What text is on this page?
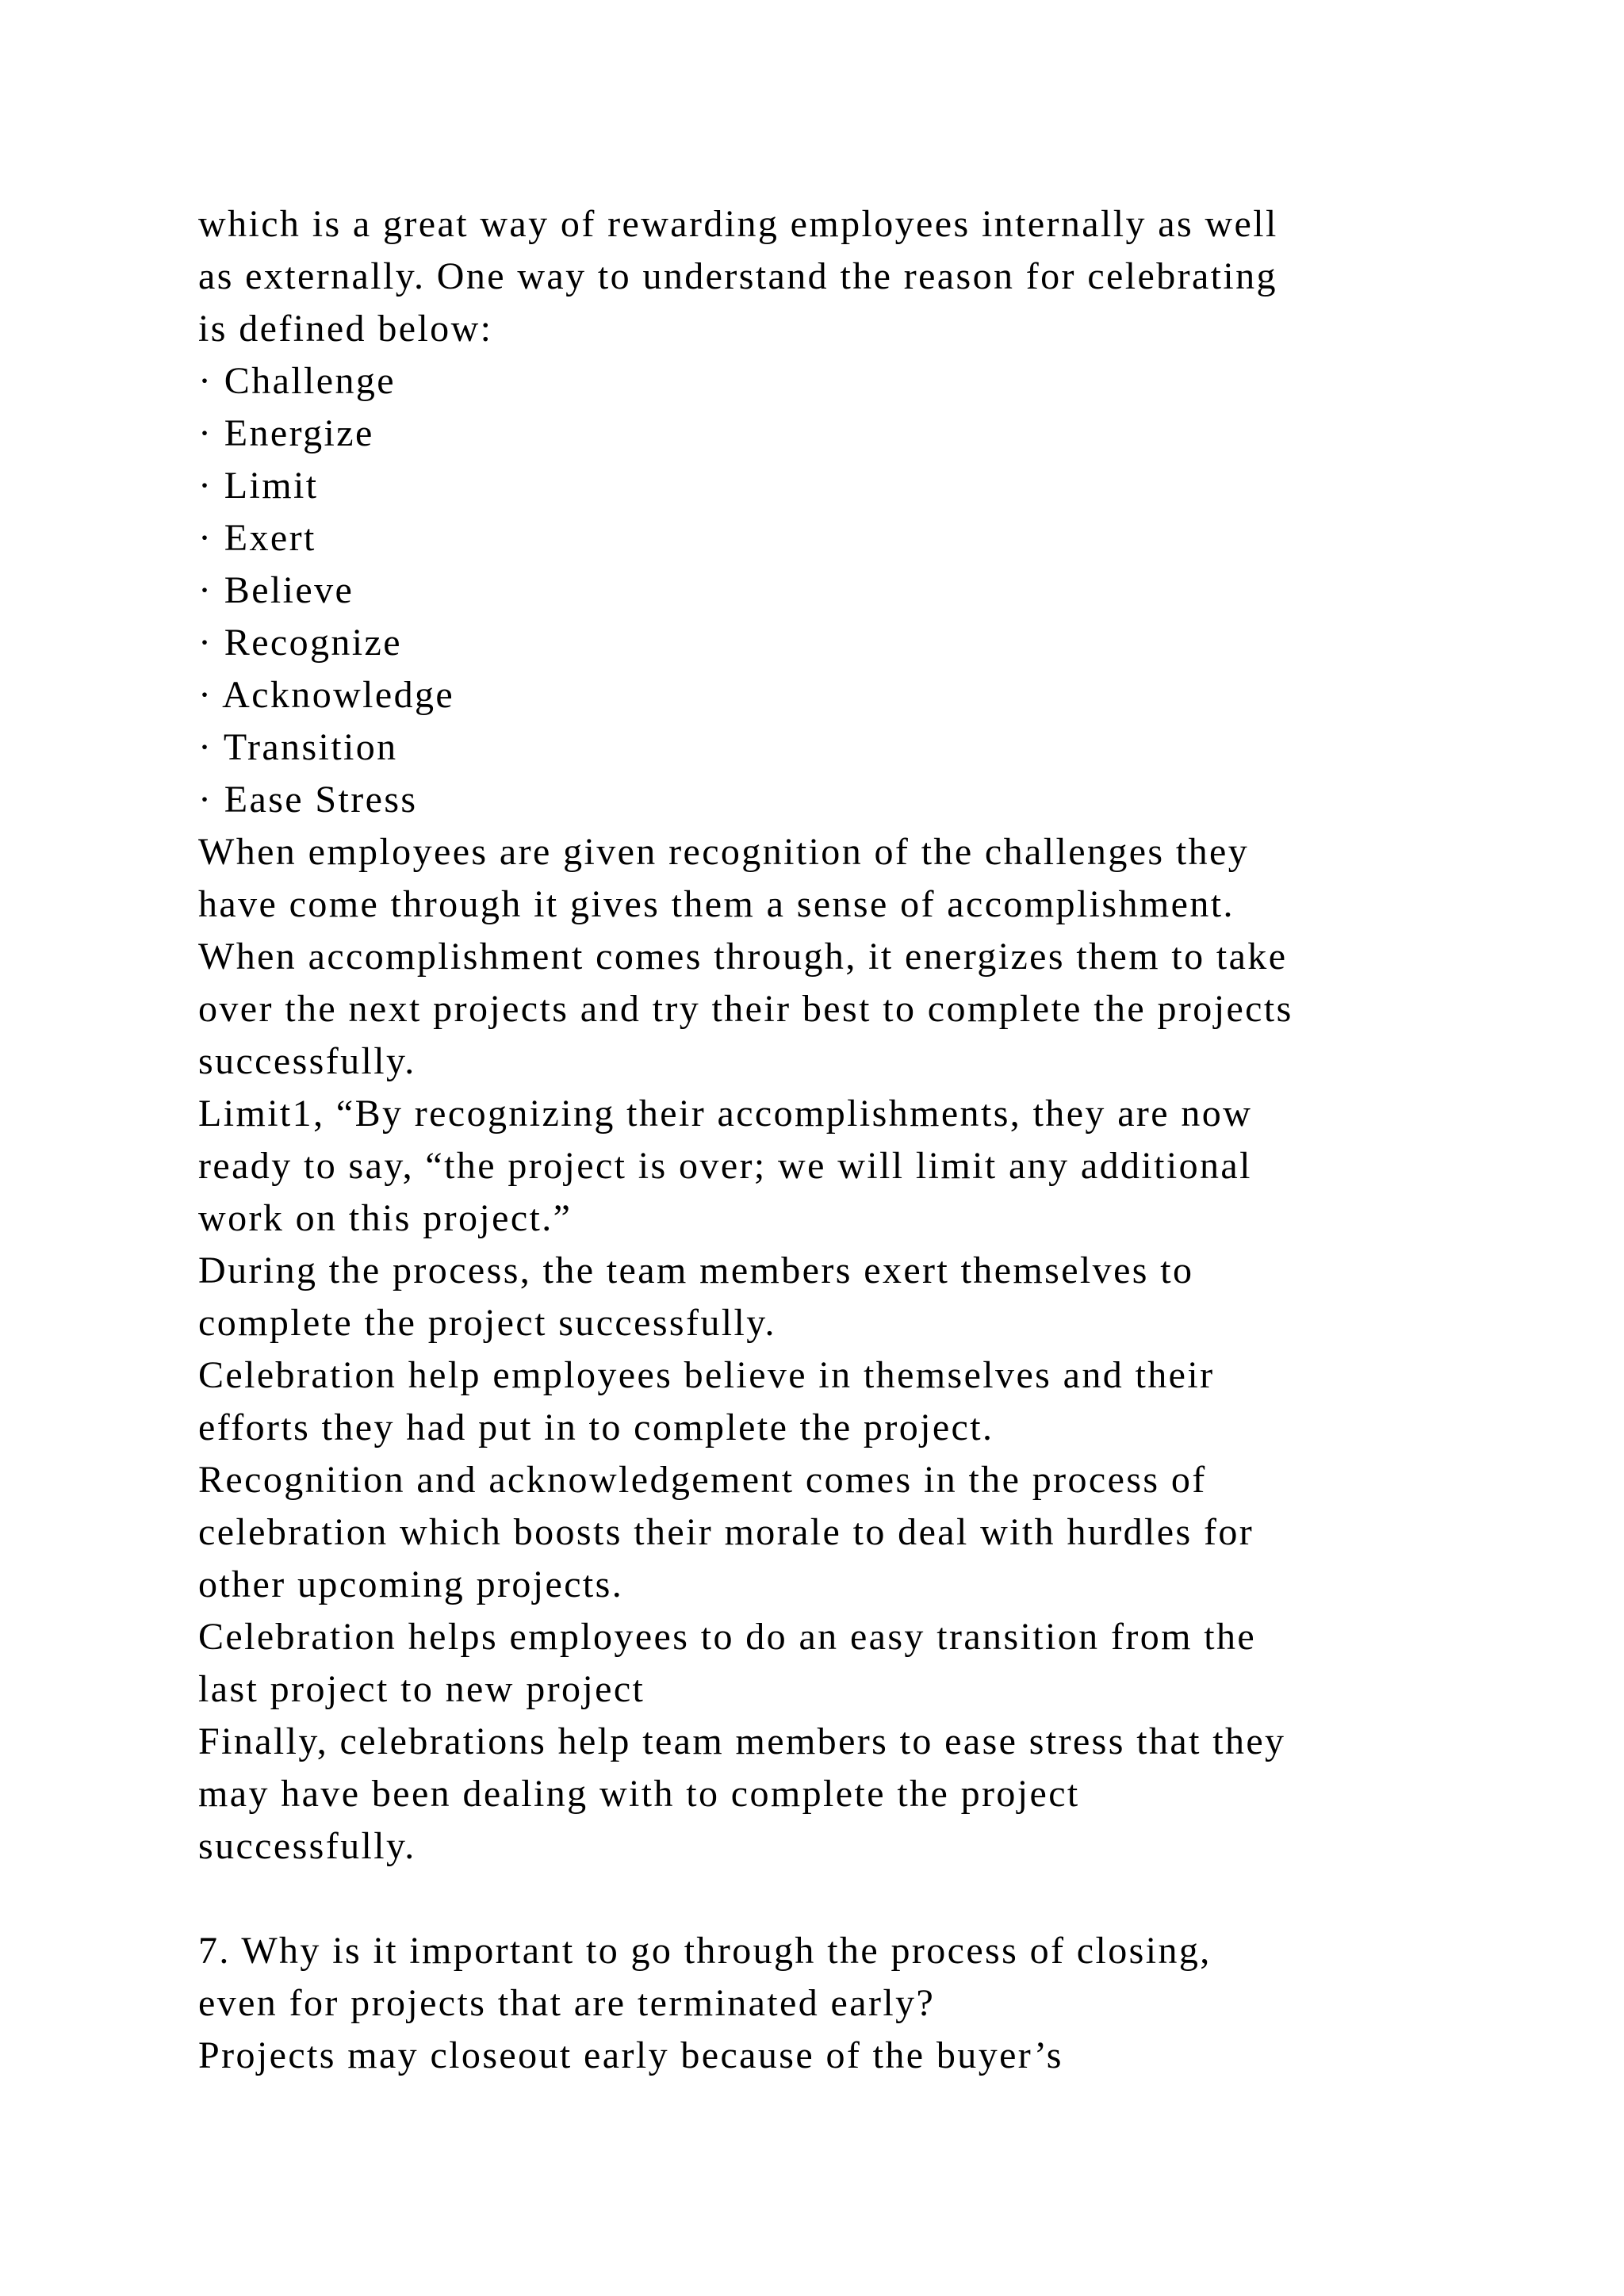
which is a great way of rewarding employees internally as well
as externally. One way to understand the reason for celebrating
is defined below:
· Challenge
· Energize
· Limit
· Exert
· Believe
· Recognize
· Acknowledge
· Transition
· Ease Stress
When employees are given recognition of the challenges they
have come through it gives them a sense of accomplishment.
When accomplishment comes through, it energizes them to take
over the next projects and try their best to complete the projects
successfully.
Limit1, “By recognizing their accomplishments, they are now
ready to say, “the project is over; we will limit any additional
work on this project.”
During the process, the team members exert themselves to
complete the project successfully.
Celebration help employees believe in themselves and their
efforts they had put in to complete the project.
Recognition and acknowledgement comes in the process of
celebration which boosts their morale to deal with hurdles for
other upcoming projects.
Celebration helps employees to do an easy transition from the
last project to new project
Finally, celebrations help team members to ease stress that they
may have been dealing with to complete the project
successfully.
7. Why is it important to go through the process of closing,
even for projects that are terminated early?
Projects may closeout early because of the buyer’s
